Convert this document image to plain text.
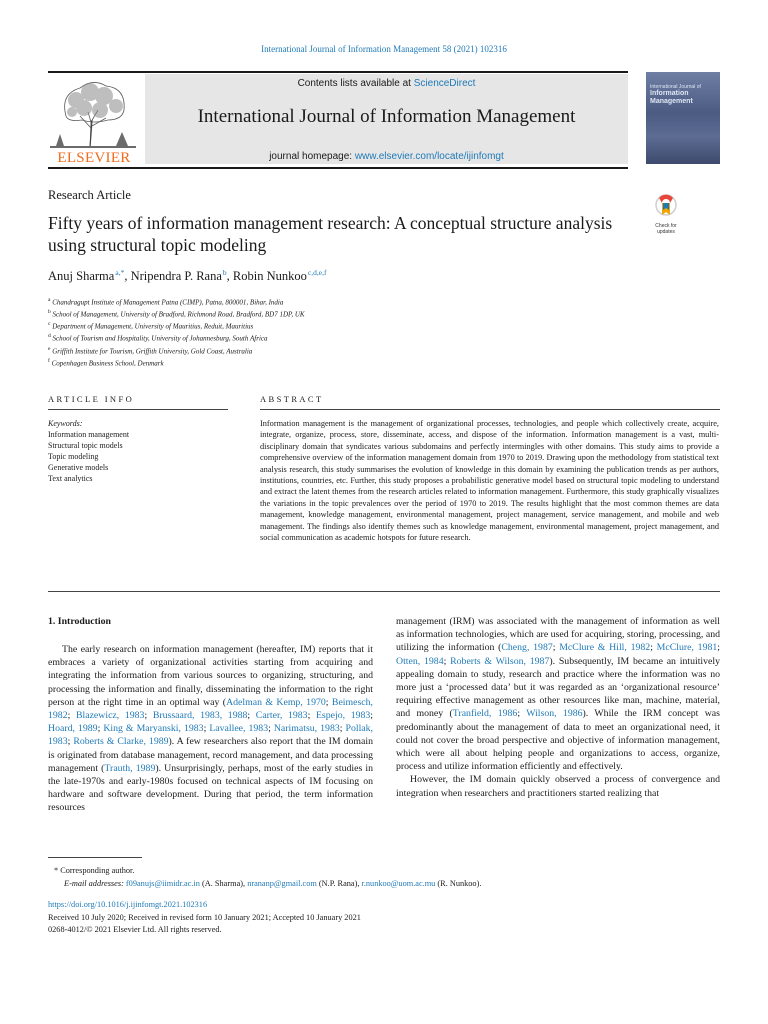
International Journal of Information Management 58 (2021) 102316
ELSEVIER
Contents lists available at ScienceDirect
International Journal of Information Management
journal homepage: www.elsevier.com/locate/ijinfomgt
International Journal of
Information
Management
Research Article
Fifty years of information management research: A conceptual structure analysis using structural topic modeling
Check for
updates
Anuj Sharma $^{a,*}$, Nripendra P. Rana $^b$, Robin Nunkoo $^{c,d,e,f}$
$^a$ Chandragupt Institute of Management Patna (CIMP), Patna, 800001, Bihar, India
$^b$ School of Management, University of Bradford, Richmond Road, Bradford, BD7 1DP, UK
$^c$ Department of Management, University of Mauritius, Reduit, Mauritius
$^d$ School of Tourism and Hospitality, University of Johannesburg, South Africa
$^e$ Griffith Institute for Tourism, Griffith University, Gold Coast, Australia
$^f$ Copenhagen Business School, Denmark
ARTICLE INFO	ABSTRACT
Keywords:
Information management
Structural topic models
Topic modeling
Generative models
Text analytics
Information management is the management of organizational processes, technologies, and people which collectively create, acquire, integrate, organize, process, store, disseminate, access, and dispose of the information. Information management is a vast, multi-disciplinary domain that syndicates various subdomains and perfectly intermingles with other domains. This study aims to provide a comprehensive overview of the information management domain from 1970 to 2019. Drawing upon the methodology from statistical text analysis research, this study summarises the evolution of knowledge in this domain by examining the publication trends as per authors, institutions, countries, etc. Further, this study proposes a probabilistic generative model based on structural topic modeling to understand and extract the latent themes from the research articles related to information management. Furthermore, this study graphically visualizes the variations in the topic prevalences over the period of 1970 to 2019. The results highlight that the most common themes are data management, knowledge management, environmental management, project management, service management, and mobile and web management. The findings also identify themes such as knowledge management, environmental management, project management, and social communication as academic hotspots for future research.
1. Introduction

The early research on information management (hereafter, IM) reports that it embraces a variety of organizational activities starting from acquiring and integrating the information from various sources to organizing, structuring, and processing the information and finally, disseminating the information to the right person at the right time in an optimal way (Adelman & Kemp, 1970; Beimesch, 1982; Blazewicz, 1983; Brussaard, 1983, 1988; Carter, 1983; Espejo, 1983; Hoard, 1989; King & Maryanski, 1983; Lavallee, 1983; Narimatsu, 1983; Pollak, 1983; Roberts & Clarke, 1989). A few researchers also report that the IM domain is originated from database management, record management, and data processing management (Trauth, 1989). Unsurprisingly, perhaps, most of the early studies in the late-1970s and early-1980s focused on technical aspects of IM focusing on hardware and software development. During that period, the term information resources

management (IRM) was associated with the management of information as well as information technologies, which are used for acquiring, storing, processing, and utilizing the information (Cheng, 1987; McClure & Hill, 1982; McClure, 1981; Otten, 1984; Roberts & Wilson, 1987). Subsequently, IM became an intuitively appealing domain to study, research and practice where the information was no more just a ‘processed data’ but it was regarded as an ‘organizational resource’ requiring effective management as other resources like man, machine, material, and money (Tranfield, 1986; Wilson, 1986). While the IRM concept was predominantly about the management of data to meet an organizational need, it could not cover the broad perspective and objective of information management, which were all about helping people and organizations to access, organize, process and utilize information efficiently and effectively.

However, the IM domain quickly observed a process of convergence and integration when researchers and practitioners started realizing that

* Corresponding author.
E-mail addresses: f09anujs@iimidr.ac.in (A. Sharma), nrananp@gmail.com (N.P. Rana), r.nunkoo@uom.ac.mu (R. Nunkoo).
https://doi.org/10.1016/j.ijinfomgt.2021.102316
Received 10 July 2020; Received in revised form 10 January 2021; Accepted 10 January 2021
0268-4012/© 2021 Elsevier Ltd. All rights reserved.
